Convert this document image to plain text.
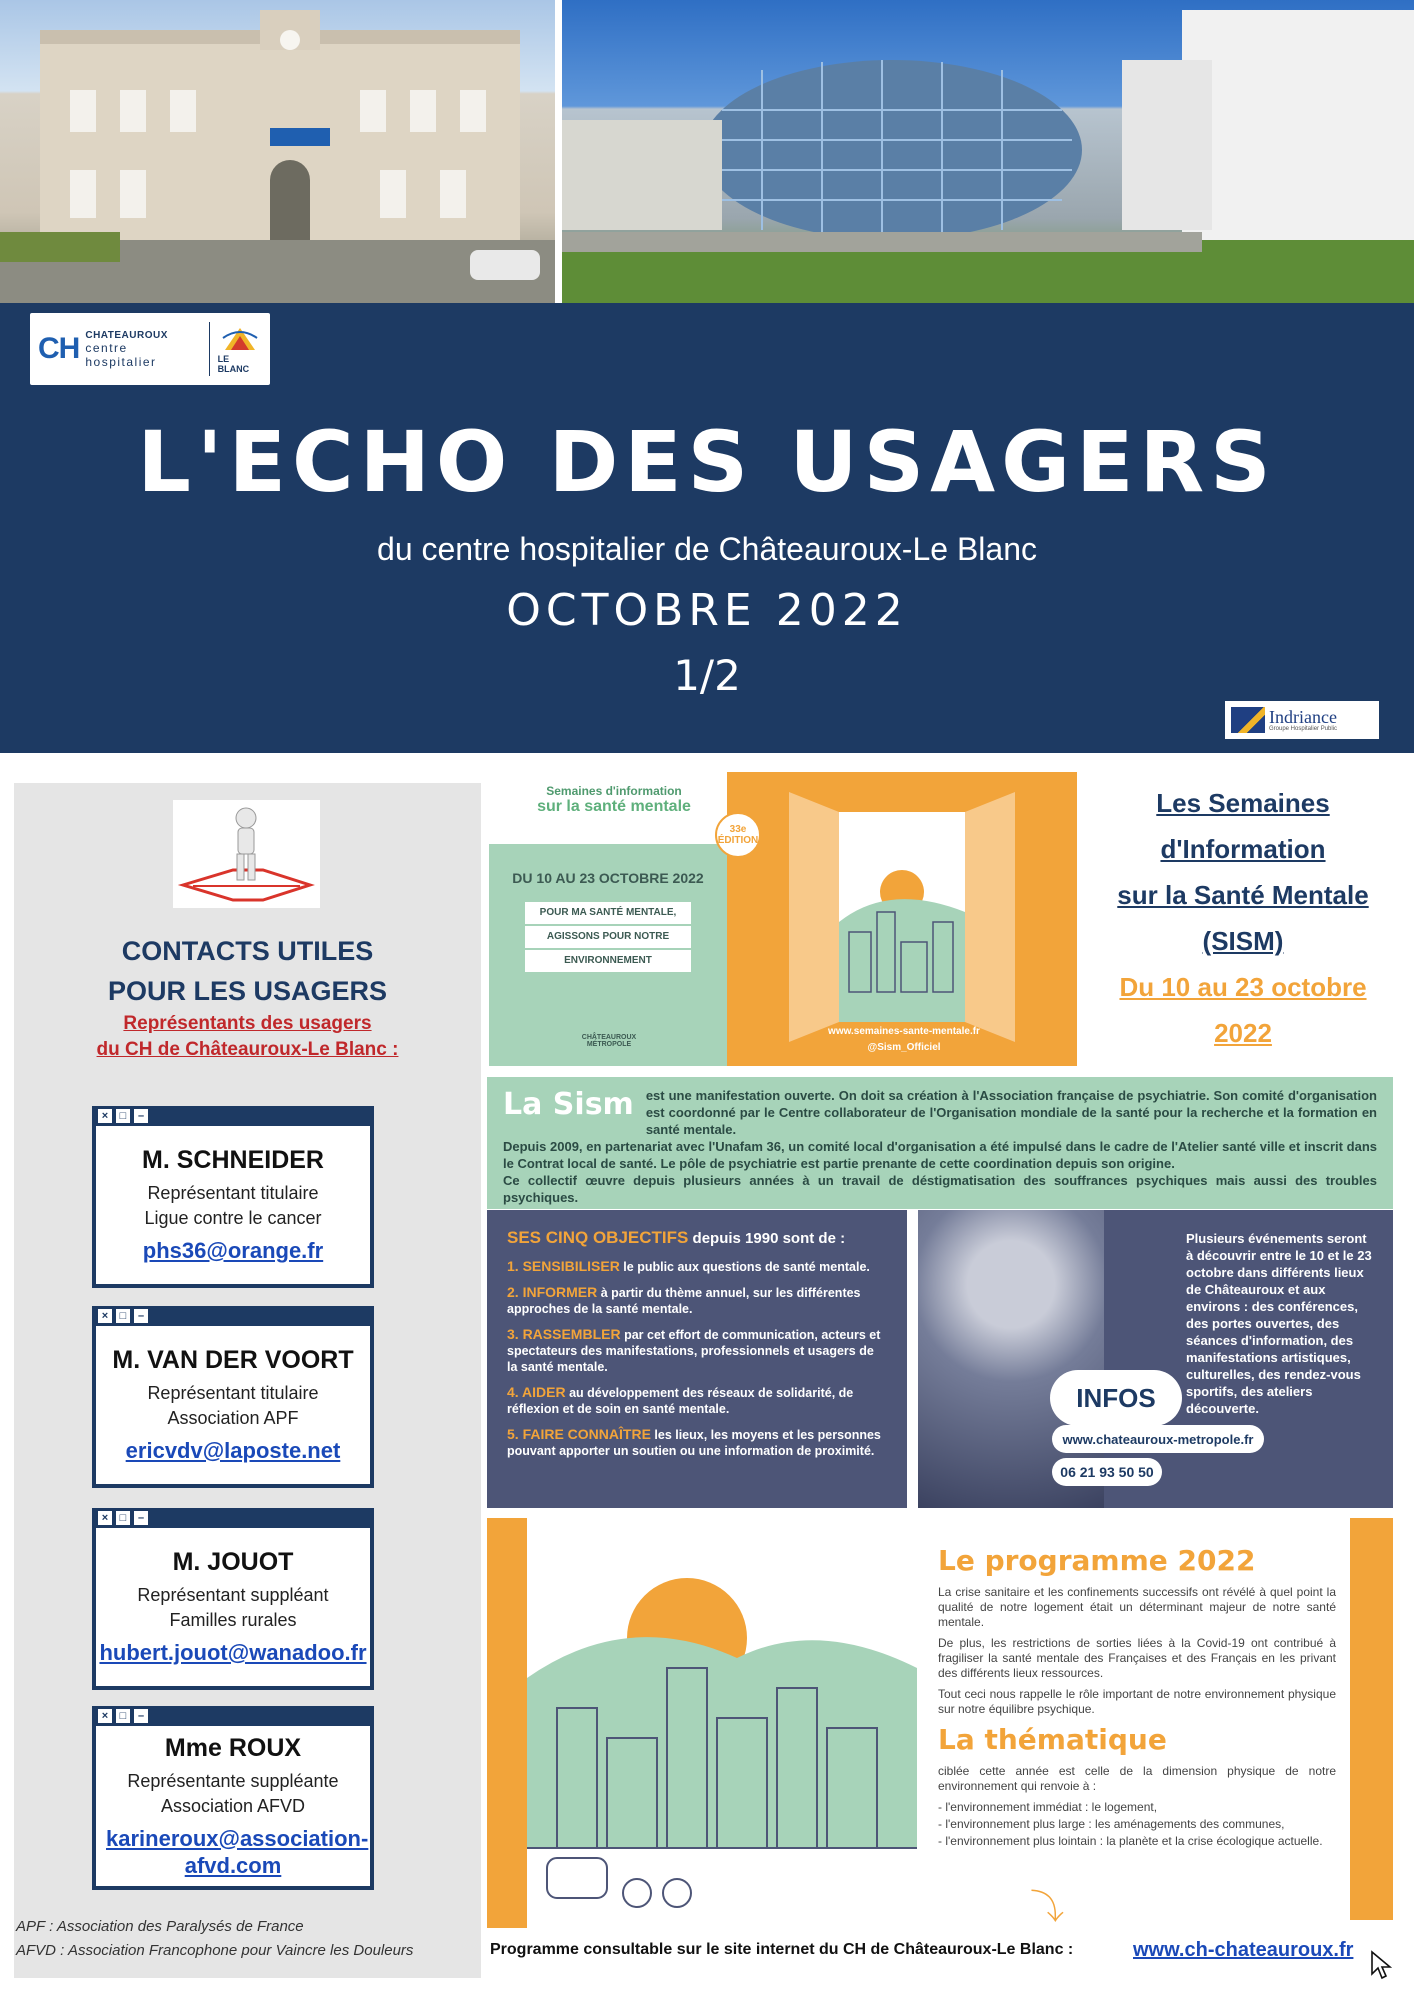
CH CHATEAUROUX
centre hospitalier	LE BLANC
L'ECHO DES USAGERS
du centre hospitalier de Châteauroux-Le Blanc
OCTOBRE 2022
1/2
Indriance
Groupe Hospitalier Public
CONTACTS UTILES
POUR LES USAGERS
Représentants des usagers
du CH de Châteauroux-Le Blanc :
×	□	–
M. SCHNEIDER
Représentant titulaire
Ligue contre le cancer
phs36@orange.fr
×	□	–
M. VAN DER VOORT
Représentant titulaire
Association APF
ericvdv@laposte.net
×	□	–
M. JOUOT
Représentant suppléant
Familles rurales
hubert.jouot@wanadoo.fr
×	□	–
Mme ROUX
Représentante suppléante
Association AFVD
karineroux@association-afvd.com
APF : Association des Paralysés de France
AFVD : Association Francophone pour Vaincre les Douleurs
Semaines d'information
sur la santé mentale
33e ÉDITION
DU 10 AU 23 OCTOBRE 2022
POUR MA SANTÉ MENTALE,
AGISSONS POUR NOTRE
ENVIRONNEMENT
CHÂTEAUROUX MÉTROPOLE
www.semaines-sante-mentale.fr
@Sism_Officiel
Les Semaines
d'Information
sur la Santé Mentale
(SISM)
Du 10 au 23 octobre
2022
La Sism est une manifestation ouverte. On doit sa création à l'Association française de psychiatrie. Son comité d'organisation est coordonné par le Centre collaborateur de l'Organisation mondiale de la santé pour la recherche et la formation en santé mentale.

Depuis 2009, en partenariat avec l'Unafam 36, un comité local d'organisation a été impulsé dans le cadre de l'Atelier santé ville et inscrit dans le Contrat local de santé. Le pôle de psychiatrie est partie prenante de cette coordination depuis son origine.

Ce collectif œuvre depuis plusieurs années à un travail de déstigmatisation des souffrances psychiques mais aussi des troubles psychiques.

SES CINQ OBJECTIFS depuis 1990 sont de :
1. SENSIBILISER le public aux questions de santé mentale.
2. INFORMER à partir du thème annuel, sur les différentes approches de la santé mentale.
3. RASSEMBLER par cet effort de communication, acteurs et spectateurs des manifestations, professionnels et usagers de la santé mentale.
4. AIDER au développement des réseaux de solidarité, de réflexion et de soin en santé mentale.
5. FAIRE CONNAÎTRE les lieux, les moyens et les personnes pouvant apporter un soutien ou une information de proximité.
Plusieurs événements seront à découvrir entre le 10 et le 23 octobre dans différents lieux de Châteauroux et aux environs : des conférences, des portes ouvertes, des séances d'information, des manifestations artistiques, culturelles, des rendez-vous sportifs, des ateliers découverte.
INFOS
www.chateauroux-metropole.fr
06 21 93 50 50
Le programme 2022
La crise sanitaire et les confinements successifs ont révélé à quel point la qualité de notre logement était un déterminant majeur de notre santé mentale.
De plus, les restrictions de sorties liées à la Covid-19 ont contribué à fragiliser la santé mentale des Françaises et des Français en les privant des différents lieux ressources.
Tout ceci nous rappelle le rôle important de notre environnement physique sur notre équilibre psychique.
La thématique
ciblée cette année est celle de la dimension physique de notre environnement qui renvoie à :
- l'environnement immédiat : le logement,
- l'environnement plus large : les aménagements des communes,
- l'environnement plus lointain : la planète et la crise écologique actuelle.
⤵
Programme consultable sur le site internet du CH de Châteauroux-Le Blanc :	www.ch-chateauroux.fr
